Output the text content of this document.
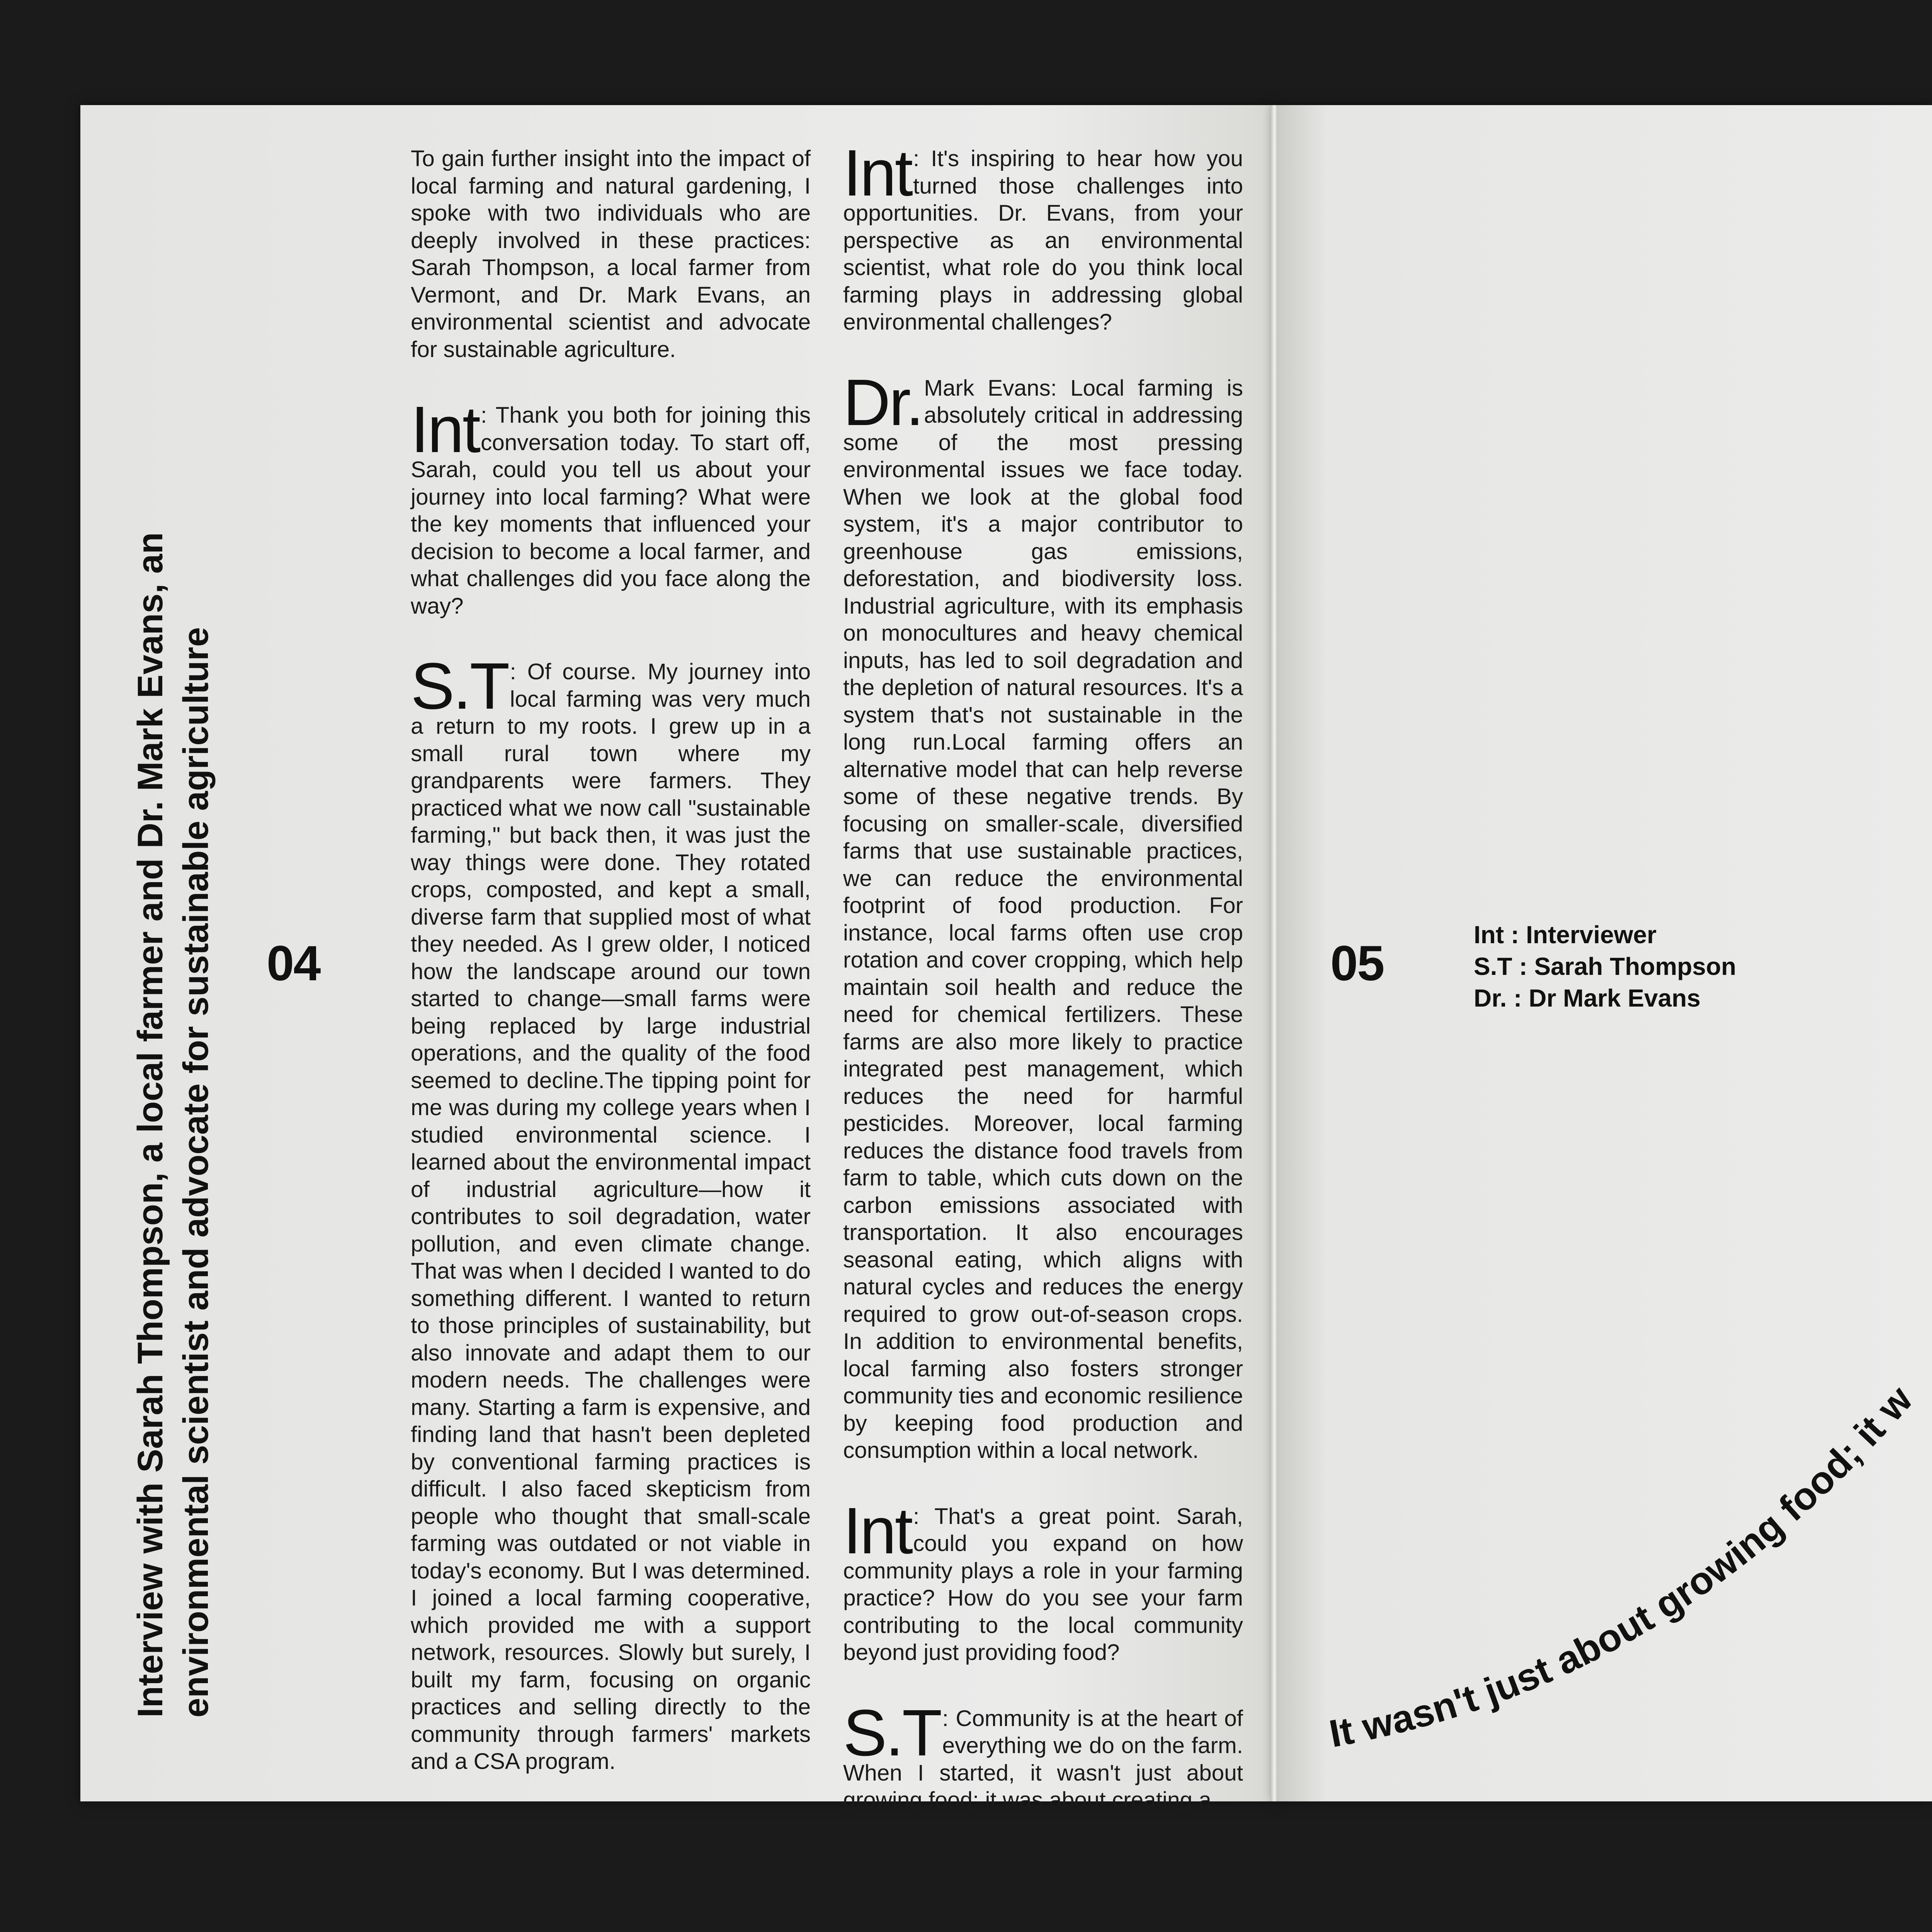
Interview with Sarah Thompson, a local farmer and Dr. Mark Evans, an environmental scientist and advocate for sustainable agriculture 04	05

To gain further insight into the impact of local farming and natural gardening, I spoke with two individuals who are deeply involved in these practices: Sarah Thompson, a local farmer from Vermont, and Dr. Mark Evans, an environmental scientist and advocate for sustainable agriculture.

Int : Thank you both for joining this conversation today. To start off, Sarah, could you tell us about your journey into local farming? What were the key moments that influenced your decision to become a local farmer, and what challenges did you face along the way?

S.T : Of course. My journey into local farming was very much a return to my roots. I grew up in a small rural town where my grandparents were farmers. They practiced what we now call "sustainable farming," but back then, it was just the way things were done. They rotated crops, composted, and kept a small, diverse farm that supplied most of what they needed. As I grew older, I noticed how the landscape around our town started to change—small farms were being replaced by large industrial operations, and the quality of the food seemed to decline.The tipping point for me was during my college years when I studied environmental science. I learned about the environmental impact of industrial agriculture—how it contributes to soil degradation, water pollution, and even climate change. That was when I decided I wanted to do something different. I wanted to return to those principles of sustainability, but also innovate and adapt them to our modern needs. The challenges were many. Starting a farm is expensive, and finding land that hasn't been depleted by conventional farming practices is difficult. I also faced skepticism from people who thought that small-scale farming was outdated or not viable in today's economy. But I was determined. I joined a local farming cooperative, which provided me with a support network, resources. Slowly but surely, I built my farm, focusing on organic practices and selling directly to the community through farmers' markets and a CSA program.

Int : It's inspiring to hear how you turned those challenges into opportunities. Dr. Evans, from your perspective as an environmental scientist, what role do you think local farming plays in addressing global environmental challenges?

Dr. Mark Evans: Local farming is absolutely critical in addressing some of the most pressing environmental issues we face today. When we look at the global food system, it's a major contributor to greenhouse gas emissions, deforestation, and biodiversity loss. Industrial agriculture, with its emphasis on monocultures and heavy chemical inputs, has led to soil degradation and the depletion of natural resources. It's a system that's not sustainable in the long run.Local farming offers an alternative model that can help reverse some of these negative trends. By focusing on smaller-scale, diversified farms that use sustainable practices, we can reduce the environmental footprint of food production. For instance, local farms often use crop rotation and cover cropping, which help maintain soil health and reduce the need for chemical fertilizers. These farms are also more likely to practice integrated pest management, which reduces the need for harmful pesticides. Moreover, local farming reduces the distance food travels from farm to table, which cuts down on the carbon emissions associated with transportation. It also encourages seasonal eating, which aligns with natural cycles and reduces the energy required to grow out-of-season crops. In addition to environmental benefits, local farming also fosters stronger community ties and economic resilience by keeping food production and consumption within a local network.

Int : That's a great point. Sarah, could you expand on how community plays a role in your farming practice? How do you see your farm contributing to the local community beyond just providing food?

S.T : Community is at the heart of everything we do on the farm. When I started, it wasn't just about growing food; it was about creating a

Int : Interviewer
S.T : Sarah Thompson
Dr. : Dr Mark Evans
It wasn't just about growing food; it w
